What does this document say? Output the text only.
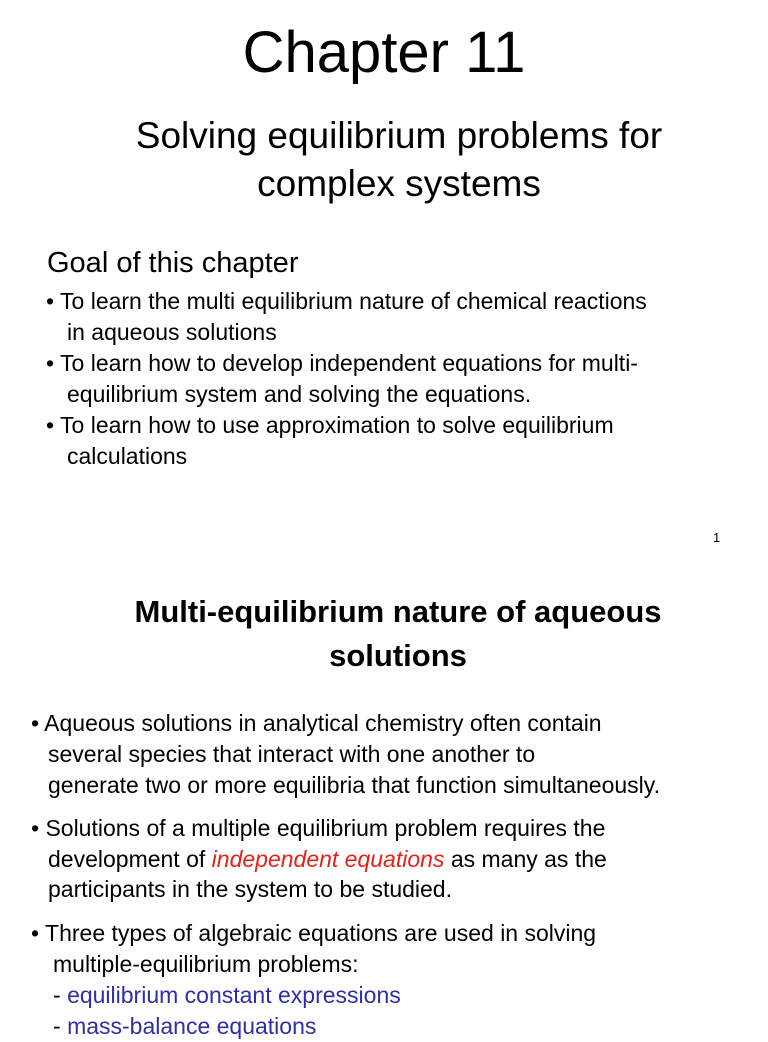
Chapter 11
Solving equilibrium problems for
complex systems
Goal of this chapter
• To learn the multi equilibrium nature of chemical reactions
in aqueous solutions
• To learn how to develop independent equations for multi-
equilibrium system and solving the equations.
• To learn how to use approximation to solve equilibrium
calculations
1
Multi-equilibrium nature of aqueous
solutions
• Aqueous solutions in analytical chemistry often contain
several species that interact with one another to
generate two or more equilibria that function simultaneously.
• Solutions of a multiple equilibrium problem requires the
development of independent equations as many as the
participants in the system to be studied.
• Three types of algebraic equations are used in solving
multiple-equilibrium problems:
- equilibrium constant expressions
- mass-balance equations
